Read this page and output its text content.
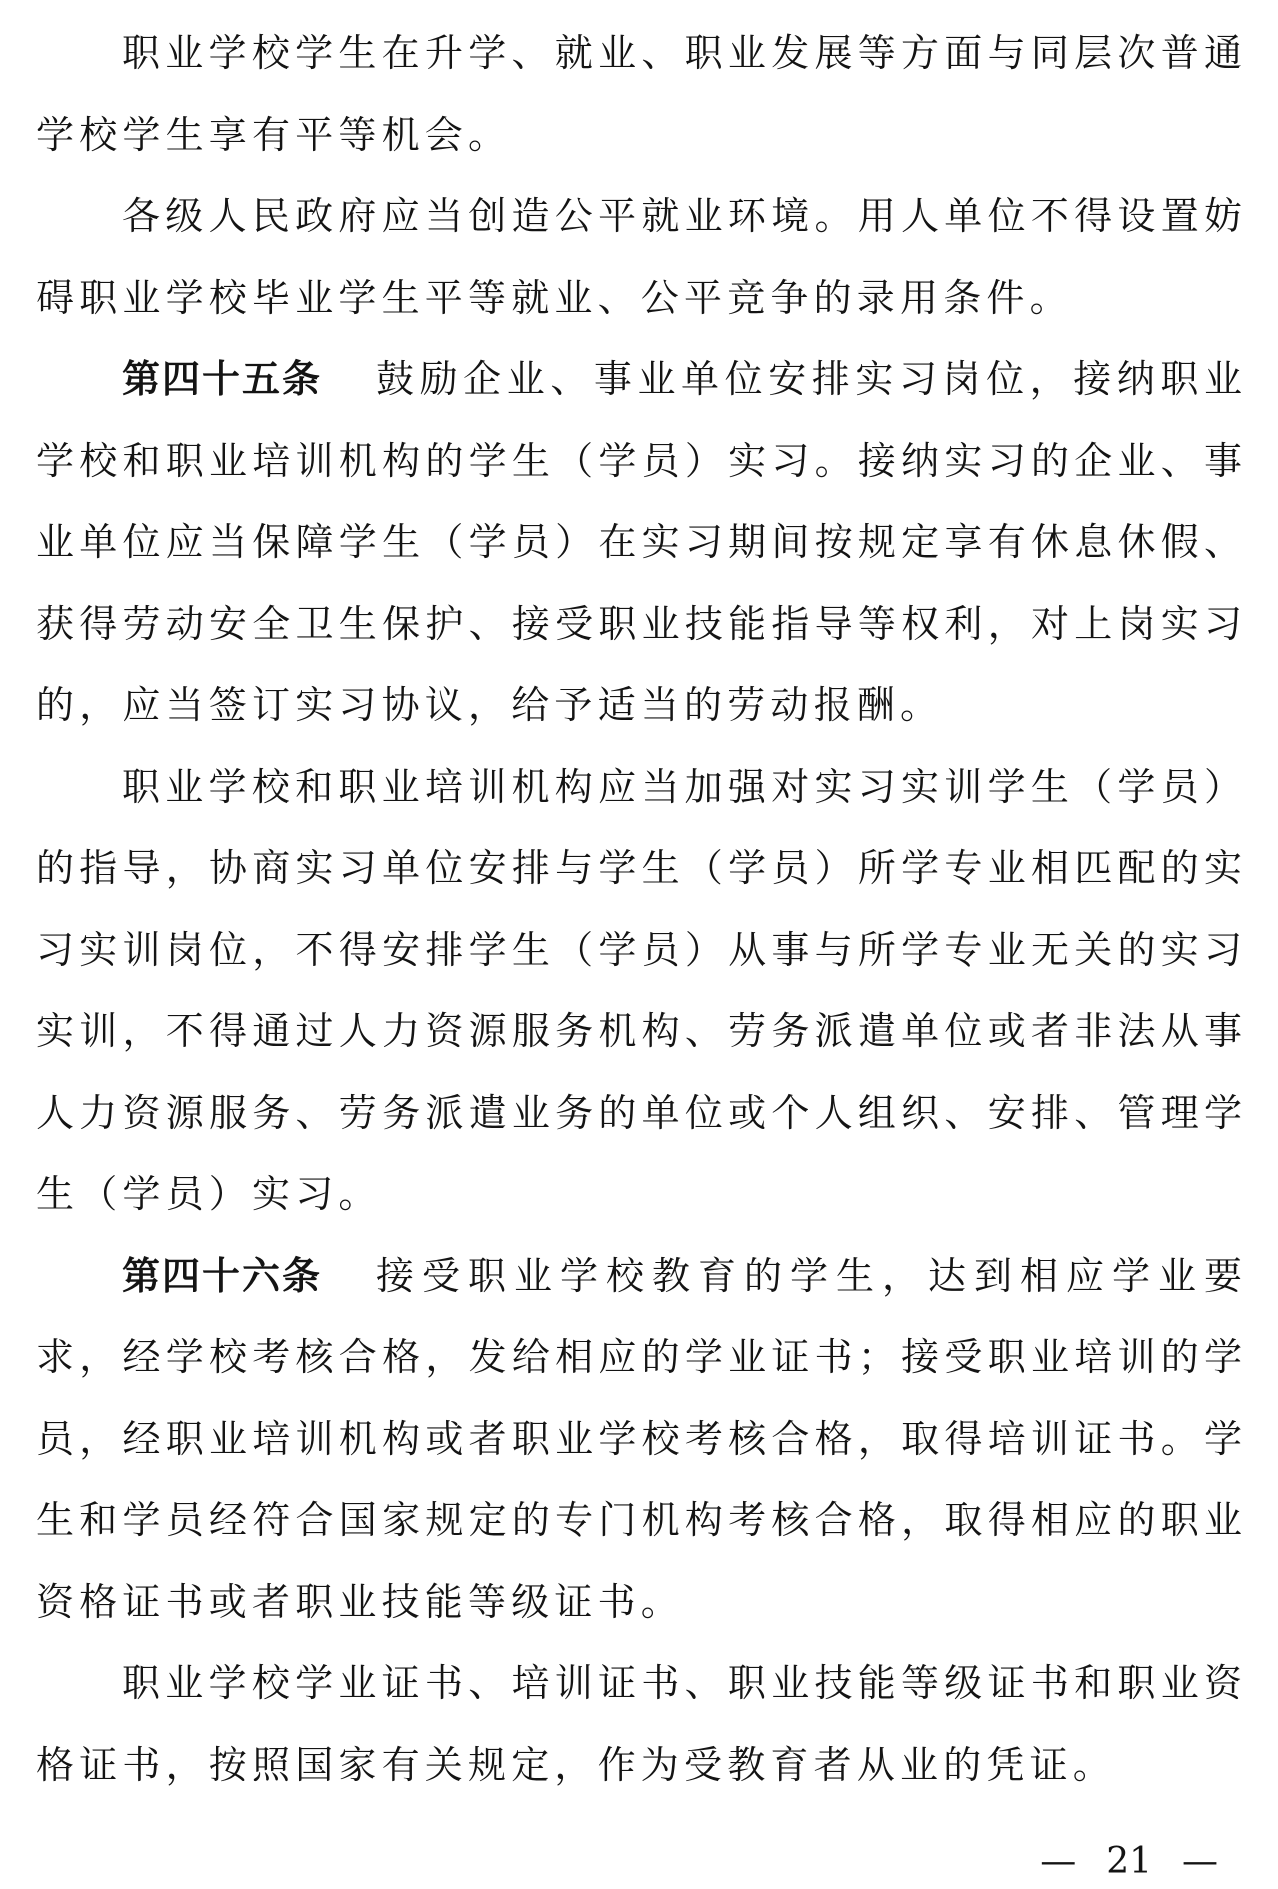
职业学校学生在升学、就业、职业发展等方面与同层次普通
学校学生享有平等机会。
各级人民政府应当创造公平就业环境。用人单位不得设置妨
碍职业学校毕业学生平等就业、公平竞争的录用条件。
第四十五条 鼓励企业、事业单位安排实习岗位，接纳职业
学校和职业培训机构的学生（学员）实习。接纳实习的企业、事
业单位应当保障学生（学员）在实习期间按规定享有休息休假、
获得劳动安全卫生保护、接受职业技能指导等权利，对上岗实习
的，应当签订实习协议，给予适当的劳动报酬。
职业学校和职业培训机构应当加强对实习实训学生（学员）
的指导，协商实习单位安排与学生（学员）所学专业相匹配的实
习实训岗位，不得安排学生（学员）从事与所学专业无关的实习
实训，不得通过人力资源服务机构、劳务派遣单位或者非法从事
人力资源服务、劳务派遣业务的单位或个人组织、安排、管理学
生（学员）实习。
第四十六条 接受职业学校教育的学生，达到相应学业要
求，经学校考核合格，发给相应的学业证书；接受职业培训的学
员，经职业培训机构或者职业学校考核合格，取得培训证书。学
生和学员经符合国家规定的专门机构考核合格，取得相应的职业
资格证书或者职业技能等级证书。
职业学校学业证书、培训证书、职业技能等级证书和职业资
格证书，按照国家有关规定，作为受教育者从业的凭证。
— 21 —
